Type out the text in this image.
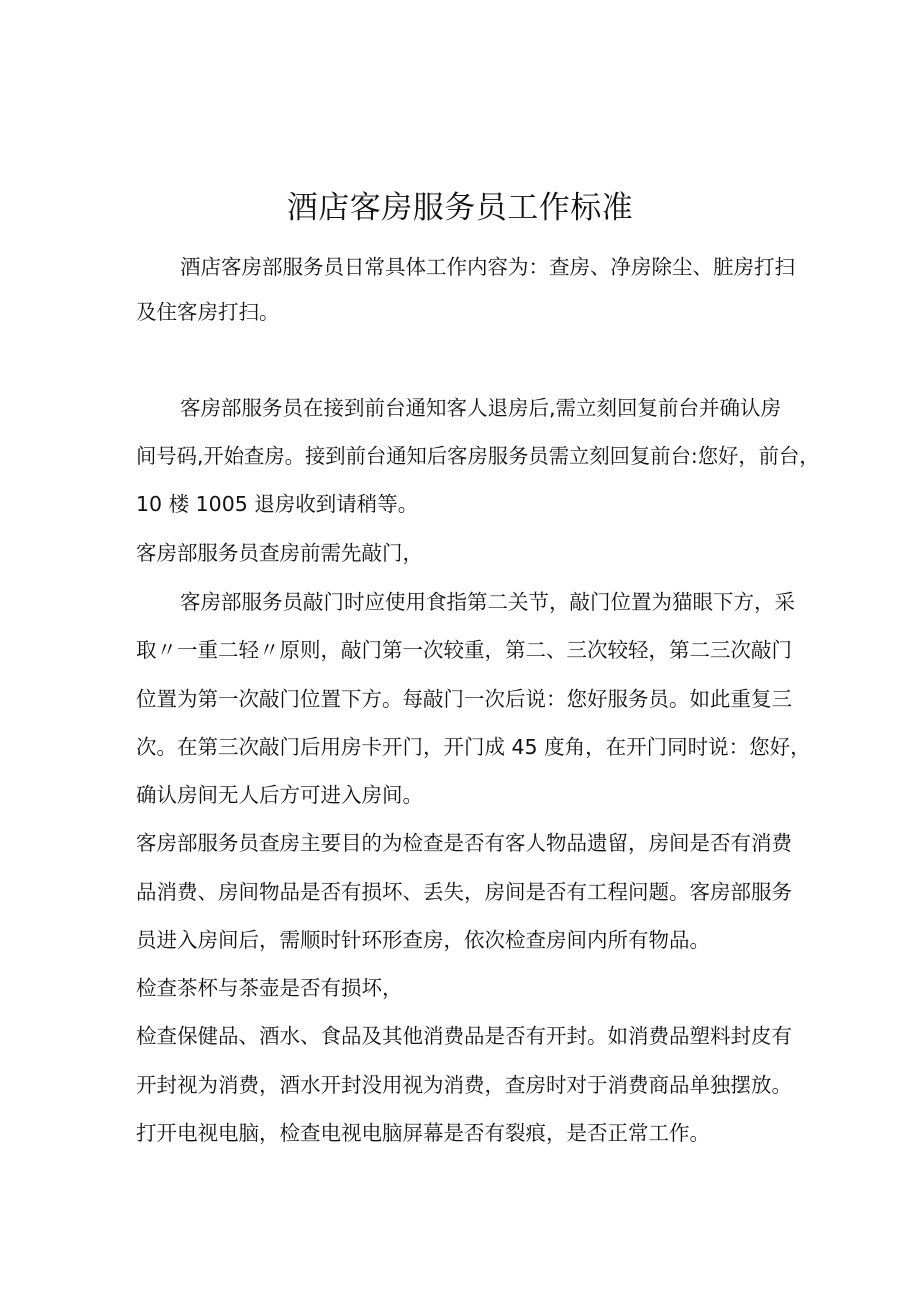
酒店客房服务员工作标准
酒店客房部服务员日常具体工作内容为：查房、净房除尘、脏房打扫
及住客房打扫。
客房部服务员在接到前台通知客人退房后,需立刻回复前台并确认房
间号码,开始查房。接到前台通知后客房服务员需立刻回复前台:您好，前台，
10 楼 1005 退房收到请稍等。
客房部服务员查房前需先敲门，
客房部服务员敲门时应使用食指第二关节，敲门位置为猫眼下方，采
取〃一重二轻〃原则，敲门第一次较重，第二、三次较轻，第二三次敲门
位置为第一次敲门位置下方。每敲门一次后说：您好服务员。如此重复三
次。在第三次敲门后用房卡开门，开门成 45 度角，在开门同时说：您好，
确认房间无人后方可进入房间。
客房部服务员查房主要目的为检查是否有客人物品遗留，房间是否有消费
品消费、房间物品是否有损坏、丢失，房间是否有工程问题。客房部服务
员进入房间后，需顺时针环形查房，依次检查房间内所有物品。
检查茶杯与茶壶是否有损坏，
检查保健品、酒水、食品及其他消费品是否有开封。如消费品塑料封皮有
开封视为消费，酒水开封没用视为消费，查房时对于消费商品单独摆放。
打开电视电脑，检查电视电脑屏幕是否有裂痕，是否正常工作。
